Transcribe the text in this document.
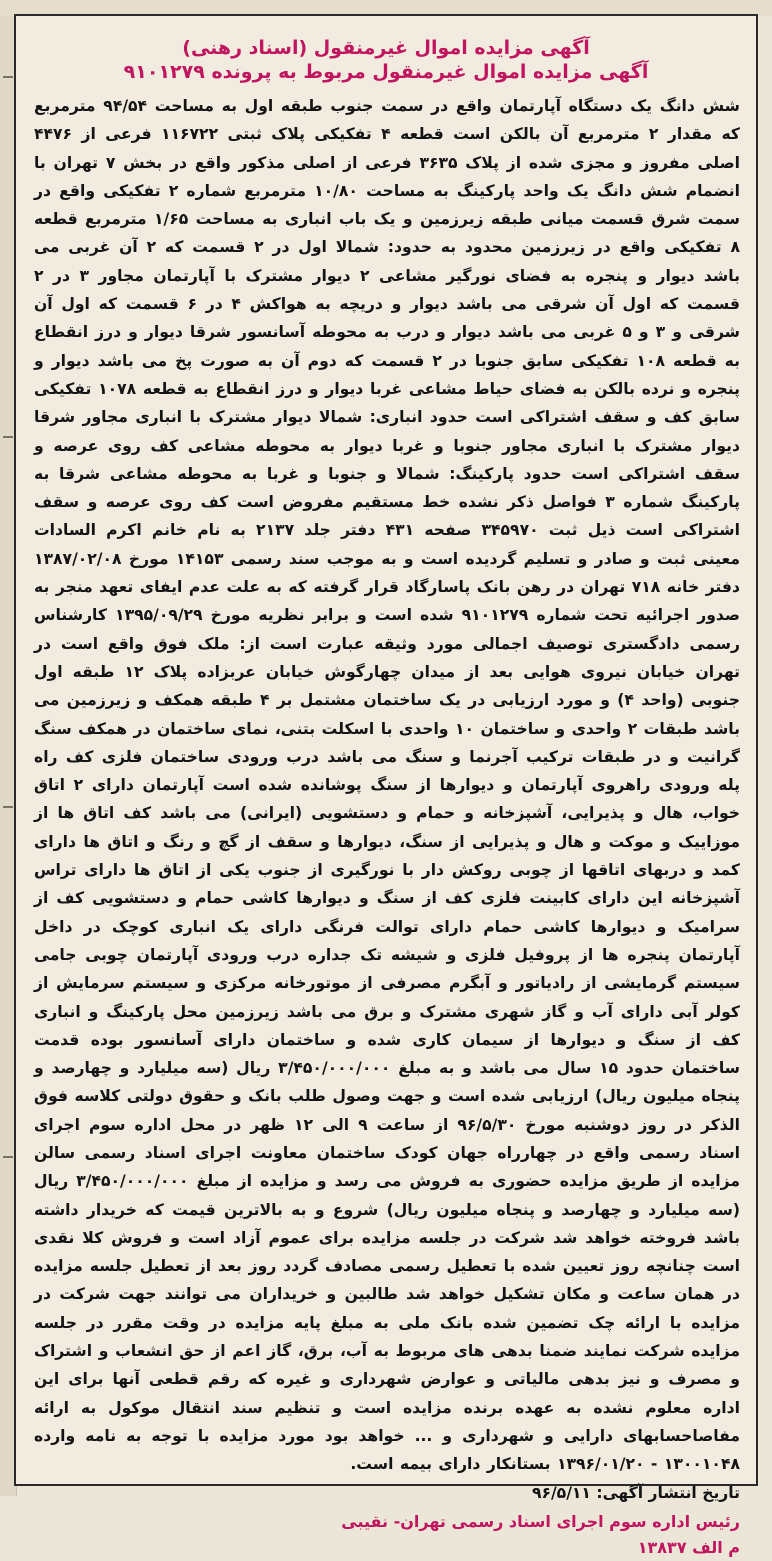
آگهی مزایده اموال غیرمنقول (اسناد رهنی)
آگهی مزایده اموال غیرمنقول مربوط به پرونده ۹۱۰۱۲۷۹

شش دانگ یک دستگاه آپارتمان واقع در سمت جنوب طبقه اول به مساحت ۹۴/۵۴ مترمربع که مقدار ۲ مترمربع آن بالکن است قطعه ۴ تفکیکی پلاک ثبتی ۱۱۶۷۲۲ فرعی از ۴۴۷۶ اصلی مفروز و مجزی شده از پلاک ۳۶۳۵ فرعی از اصلی مذکور واقع در بخش ۷ تهران با انضمام شش دانگ یک واحد پارکینگ به مساحت ۱۰/۸۰ مترمربع شماره ۲ تفکیکی واقع در سمت شرق قسمت میانی طبقه زیرزمین و یک باب انباری به مساحت ۱/۶۵ مترمربع قطعه ۸ تفکیکی واقع در زیرزمین محدود به حدود: شمالا اول در ۲ قسمت که ۲ آن غربی می باشد دیوار و پنجره به فضای نورگیر مشاعی ۲ دیوار مشترک با آپارتمان مجاور ۳ در ۲ قسمت که اول آن شرقی می باشد دیوار و دریچه به هواکش ۴ در ۶ قسمت که اول آن شرقی و ۳ و ۵ غربی می باشد دیوار و درب به محوطه آسانسور شرقا دیوار و درز انقطاع به قطعه ۱۰۸ تفکیکی سابق جنوبا در ۲ قسمت که دوم آن به صورت پخ می باشد دیوار و پنجره و نرده بالکن به فضای حیاط مشاعی غربا دیوار و درز انقطاع به قطعه ۱۰۷۸ تفکیکی سابق کف و سقف اشتراکی است حدود انباری: شمالا دیوار مشترک با انباری مجاور شرقا دیوار مشترک با انباری مجاور جنوبا و غربا دیوار به محوطه مشاعی کف روی عرصه و سقف اشتراکی است حدود پارکینگ: شمالا و جنوبا و غربا به محوطه مشاعی شرقا به پارکینگ شماره ۳ فواصل ذکر نشده خط مستقیم مفروض است کف روی عرصه و سقف اشتراکی است ذیل ثبت ۳۴۵۹۷۰ صفحه ۴۳۱ دفتر جلد ۲۱۳۷ به نام خانم اکرم السادات معینی ثبت و صادر و تسلیم گردیده است و به موجب سند رسمی ۱۴۱۵۳ مورخ ۱۳۸۷/۰۲/۰۸ دفتر خانه ۷۱۸ تهران در رهن بانک پاسارگاد قرار گرفته که به علت عدم ایفای تعهد منجر به صدور اجرائیه تحت شماره ۹۱۰۱۲۷۹ شده است و برابر نظریه مورخ ۱۳۹۵/۰۹/۲۹ کارشناس رسمی دادگستری توصیف اجمالی مورد وثیقه عبارت است از: ملک فوق واقع است در تهران خیابان نیروی هوایی بعد از میدان چهارگوش خیابان عربزاده پلاک ۱۲ طبقه اول جنوبی (واحد ۴) و مورد ارزیابی در یک ساختمان مشتمل بر ۴ طبقه همکف و زیرزمین می باشد طبقات ۲ واحدی و ساختمان ۱۰ واحدی با اسکلت بتنی، نمای ساختمان در همکف سنگ گرانیت و در طبقات ترکیب آجرنما و سنگ می باشد درب ورودی ساختمان فلزی کف راه پله ورودی راهروی آپارتمان و دیوارها از سنگ پوشانده شده است آپارتمان دارای ۲ اتاق خواب، هال و پذیرایی، آشپزخانه و حمام و دستشویی (ایرانی) می باشد کف اتاق ها از موزاییک و موکت و هال و پذیرایی از سنگ، دیوارها و سقف از گچ و رنگ و اتاق ها دارای کمد و دربهای اتاقها از چوبی روکش دار با نورگیری از جنوب یکی از اتاق ها دارای تراس آشپزخانه این دارای کابینت فلزی کف از سنگ و دیوارها کاشی حمام و دستشویی کف از سرامیک و دیوارها کاشی حمام دارای توالت فرنگی دارای یک انباری کوچک در داخل آپارتمان پنجره ها از پروفیل فلزی و شیشه تک جداره درب ورودی آپارتمان چوبی جامی سیستم گرمایشی از رادیاتور و آبگرم مصرفی از موتورخانه مرکزی و سیستم سرمایش از کولر آبی دارای آب و گاز شهری مشترک و برق می باشد زیرزمین محل پارکینگ و انباری کف از سنگ و دیوارها از سیمان کاری شده و ساختمان دارای آسانسور بوده قدمت ساختمان حدود ۱۵ سال می باشد و به مبلغ ۳/۴۵۰/۰۰۰/۰۰۰ ریال (سه میلیارد و چهارصد و پنجاه میلیون ریال) ارزیابی شده است و جهت وصول طلب بانک و حقوق دولتی کلاسه فوق الذکر در روز دوشنبه مورخ ۹۶/۵/۳۰ از ساعت ۹ الی ۱۲ ظهر در محل اداره سوم اجرای اسناد رسمی واقع در چهارراه جهان کودک ساختمان معاونت اجرای اسناد رسمی سالن مزایده از طریق مزایده حضوری به فروش می رسد و مزایده از مبلغ ۳/۴۵۰/۰۰۰/۰۰۰ ریال (سه میلیارد و چهارصد و پنجاه میلیون ریال) شروع و به بالاترین قیمت که خریدار داشته باشد فروخته خواهد شد شرکت در جلسه مزایده برای عموم آزاد است و فروش کلا نقدی است چنانچه روز تعیین شده با تعطیل رسمی مصادف گردد روز بعد از تعطیل جلسه مزایده در همان ساعت و مکان تشکیل خواهد شد طالبین و خریداران می توانند جهت شرکت در مزایده با ارائه چک تضمین شده بانک ملی به مبلغ پایه مزایده در وقت مقرر در جلسه مزایده شرکت نمایند ضمنا بدهی های مربوط به آب، برق، گاز اعم از حق انشعاب و اشتراک و مصرف و نیز بدهی مالیاتی و عوارض شهرداری و غیره که رقم قطعی آنها برای این اداره معلوم نشده به عهده برنده مزایده است و تنظیم سند انتقال موکول به ارائه مفاصاحسابهای دارایی و شهرداری و ... خواهد بود مورد مزایده با توجه به نامه وارده ۱۳۰۰۱۰۴۸ - ۱۳۹۶/۰۱/۲۰ بستانکار دارای بیمه است.

تاریخ انتشار آگهی: ۹۶/۵/۱۱
رئیس اداره سوم اجرای اسناد رسمی تهران- نقیبی
م الف ۱۳۸۳۷
